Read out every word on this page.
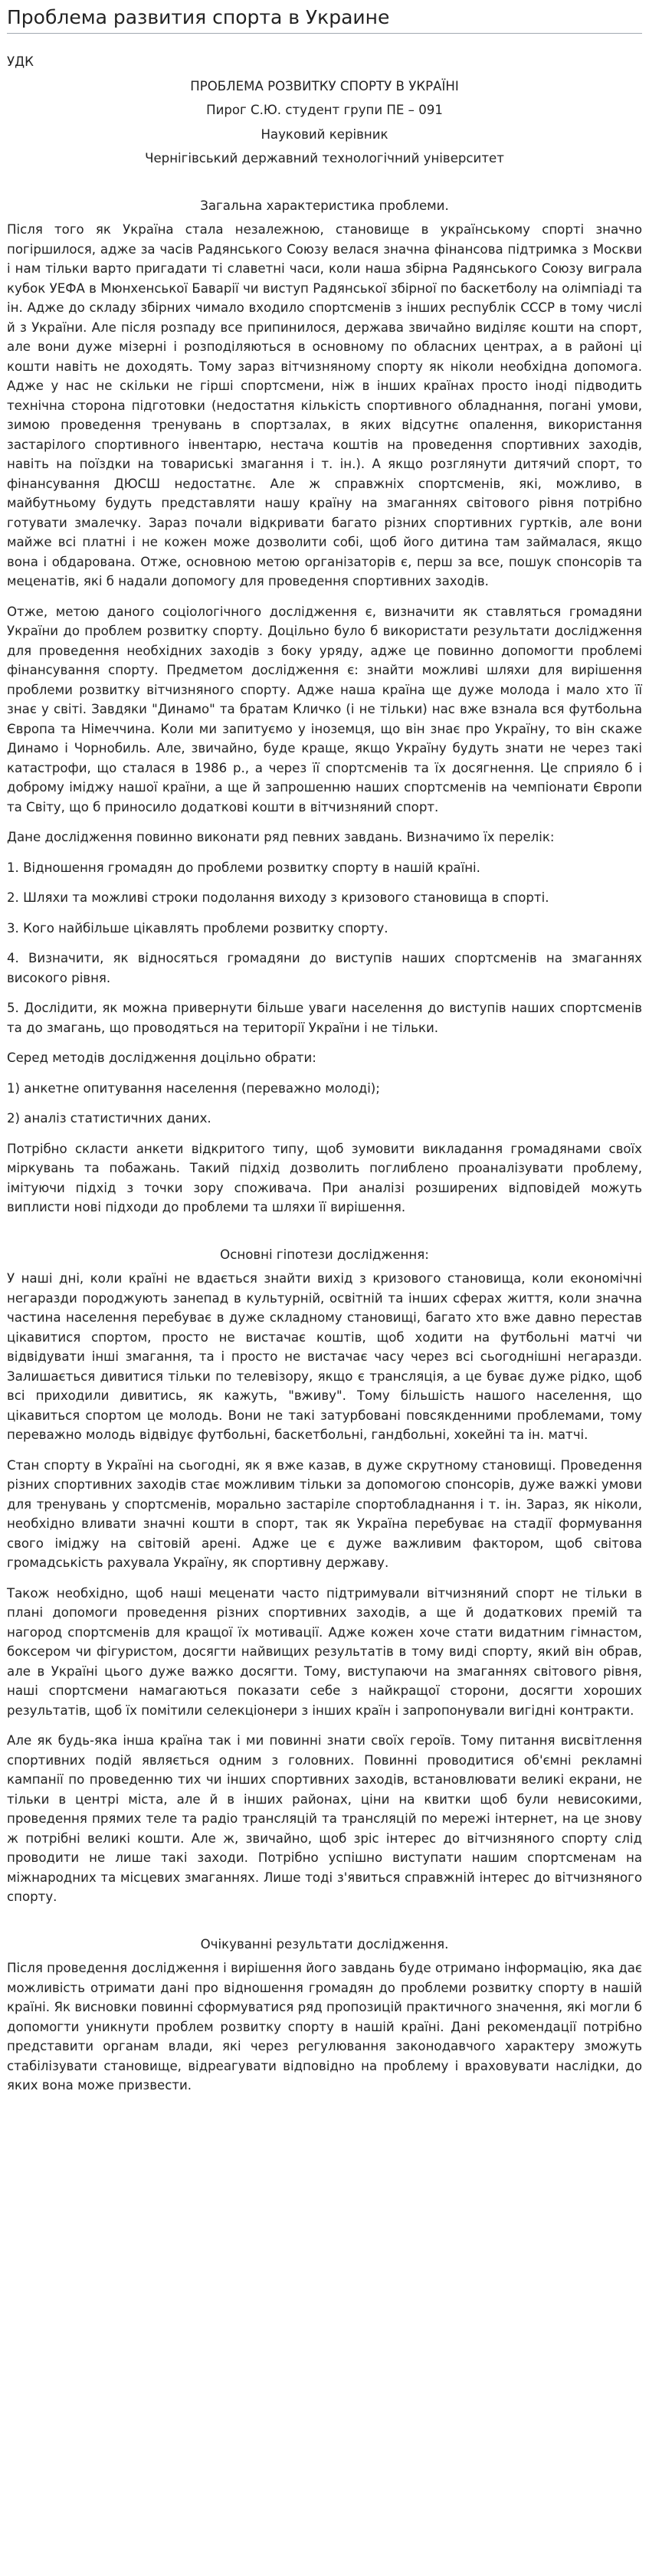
Проблема развития спорта в Украине

УДК

ПРОБЛЕМА РОЗВИТКУ СПОРТУ В УКРАЇНІ

Пирог С.Ю. студент групи ПЕ – 091

Науковий керівник

Чернігівський державний технологічний університет

Загальна характеристика проблеми.

Після того як Україна стала незалежною, становище в українському спорті значно погіршилося, адже за часів Радянського Союзу велася значна фінансова підтримка з Москви і нам тільки варто пригадати ті славетні часи, коли наша збірна Радянського Союзу виграла кубок УЕФА в Мюнхенської Баварії чи виступ Радянської збірної по баскетболу на олімпіаді та ін. Адже до складу збірних чимало входило спортсменів з інших республік СССР в тому числі й з України. Але після розпаду все припинилося, держава звичайно виділяє кошти на спорт, але вони дуже мізерні і розподіляються в основному по обласних центрах, а в районі ці кошти навіть не доходять. Тому зараз вітчизняному спорту як ніколи необхідна допомога. Адже у нас не скільки не гірші спортсмени, ніж в інших країнах просто іноді підводить технічна сторона підготовки (недостатня кількість спортивного обладнання, погані умови, зимою проведення тренувань в спортзалах, в яких відсутнє опалення, використання застарілого спортивного інвентарю, нестача коштів на проведення спортивних заходів, навіть на поїздки на товариські змагання і т. ін.). А якщо розглянути дитячий спорт, то фінансування ДЮСШ недостатнє. Але ж справжніх спортсменів, які, можливо, в майбутньому будуть представляти нашу країну на змаганнях світового рівня потрібно готувати змалечку. Зараз почали відкривати багато різних спортивних гуртків, але вони майже всі платні і не кожен може дозволити собі, щоб його дитина там займалася, якщо вона і обдарована. Отже, основною метою організаторів є, перш за все, пошук спонсорів та меценатів, які б надали допомогу для проведення спортивних заходів.

Отже, метою даного соціологічного дослідження є, визначити як ставляться громадяни України до проблем розвитку спорту. Доцільно було б використати результати дослідження для проведення необхідних заходів з боку уряду, адже це повинно допомогти проблемі фінансування спорту. Предметом дослідження є: знайти можливі шляхи для вирішення проблеми розвитку вітчизняного спорту. Адже наша країна ще дуже молода і мало хто її знає у світі. Завдяки "Динамо" та братам Кличко (і не тільки) нас вже взнала вся футбольна Європа та Німеччина. Коли ми запитуємо у іноземця, що він знає про Україну, то він скаже Динамо і Чорнобиль. Але, звичайно, буде краще, якщо Україну будуть знати не через такі катастрофи, що сталася в 1986 р., а через її спортсменів та їх досягнення. Це сприяло б і доброму іміджу нашої країни, а ще й запрошенню наших спортсменів на чемпіонати Європи та Світу, що б приносило додаткові кошти в вітчизняний спорт.

Дане дослідження повинно виконати ряд певних завдань. Визначимо їх перелік:

1. Відношення громадян до проблеми розвитку спорту в нашій країні.

2. Шляхи та можливі строки подолання виходу з кризового становища в спорті.

3. Кого найбільше цікавлять проблеми розвитку спорту.

4. Визначити, як відносяться громадяни до виступів наших спортсменів на змаганнях високого рівня.

5. Дослідити, як можна привернути більше уваги населення до виступів наших спортсменів та до змагань, що проводяться на території України і не тільки.

Серед методів дослідження доцільно обрати:

1) анкетне опитування населення (переважно молоді);

2) аналіз статистичних даних.

Потрібно скласти анкети відкритого типу, щоб зумовити викладання громадянами своїх міркувань та побажань. Такий підхід дозволить поглиблено проаналізувати проблему, імітуючи підхід з точки зору споживача. При аналізі розширених відповідей можуть виплисти нові підходи до проблеми та шляхи її вирішення.

Основні гіпотези дослідження:

У наші дні, коли країні не вдається знайти вихід з кризового становища, коли економічні негаразди породжують занепад в культурній, освітній та інших сферах життя, коли значна частина населення перебуває в дуже складному становищі, багато хто вже давно перестав цікавитися спортом, просто не вистачає коштів, щоб ходити на футбольні матчі чи відвідувати інші змагання, та і просто не вистачає часу через всі сьогоднішні негаразди. Залишається дивитися тільки по телевізору, якщо є трансляція, а це буває дуже рідко, щоб всі приходили дивитись, як кажуть, "вживу". Тому більшість нашого населення, що цікавиться спортом це молодь. Вони не такі затурбовані повсякденними проблемами, тому переважно молодь відвідує футбольні, баскетбольні, гандбольні, хокейні та ін. матчі.

Стан спорту в Україні на сьогодні, як я вже казав, в дуже скрутному становищі. Проведення різних спортивних заходів стає можливим тільки за допомогою спонсорів, дуже важкі умови для тренувань у спортсменів, морально застаріле спортобладнання і т. ін. Зараз, як ніколи, необхідно вливати значні кошти в спорт, так як Україна перебуває на стадії формування свого іміджу на світовій арені. Адже це є дуже важливим фактором, щоб світова громадськість рахувала Україну, як спортивну державу.

Також необхідно, щоб наші меценати часто підтримували вітчизняний спорт не тільки в плані допомоги проведення різних спортивних заходів, а ще й додаткових премій та нагород спортсменів для кращої їх мотивації. Адже кожен хоче стати видатним гімнастом, боксером чи фігуристом, досягти найвищих результатів в тому виді спорту, який він обрав, але в Україні цього дуже важко досягти. Тому, виступаючи на змаганнях світового рівня, наші спортсмени намагаються показати себе з найкращої сторони, досягти хороших результатів, щоб їх помітили селекціонери з інших країн і запропонували вигідні контракти.

Але як будь-яка інша країна так і ми повинні знати своїх героїв. Тому питання висвітлення спортивних подій являється одним з головних. Повинні проводитися об'ємні рекламні кампанії по проведенню тих чи інших спортивних заходів, встановлювати великі екрани, не тільки в центрі міста, але й в інших районах, ціни на квитки щоб були невисокими, проведення прямих теле та радіо трансляцій та трансляцій по мережі інтернет, на це знову ж потрібні великі кошти. Але ж, звичайно, щоб зріс інтерес до вітчизняного спорту слід проводити не лише такі заходи. Потрібно успішно виступати нашим спортсменам на міжнародних та місцевих змаганнях. Лише тоді з'явиться справжній інтерес до вітчизняного спорту.

Очікуванні результати дослідження.

Після проведення дослідження і вирішення його завдань буде отримано інформацію, яка дає можливість отримати дані про відношення громадян до проблеми розвитку спорту в нашій країні. Як висновки повинні сформуватися ряд пропозицій практичного значення, які могли б допомогти уникнути проблем розвитку спорту в нашій країні. Дані рекомендації потрібно представити органам влади, які через регулювання законодавчого характеру зможуть стабілізувати становище, відреагувати відповідно на проблему і враховувати наслідки, до яких вона може призвести.
